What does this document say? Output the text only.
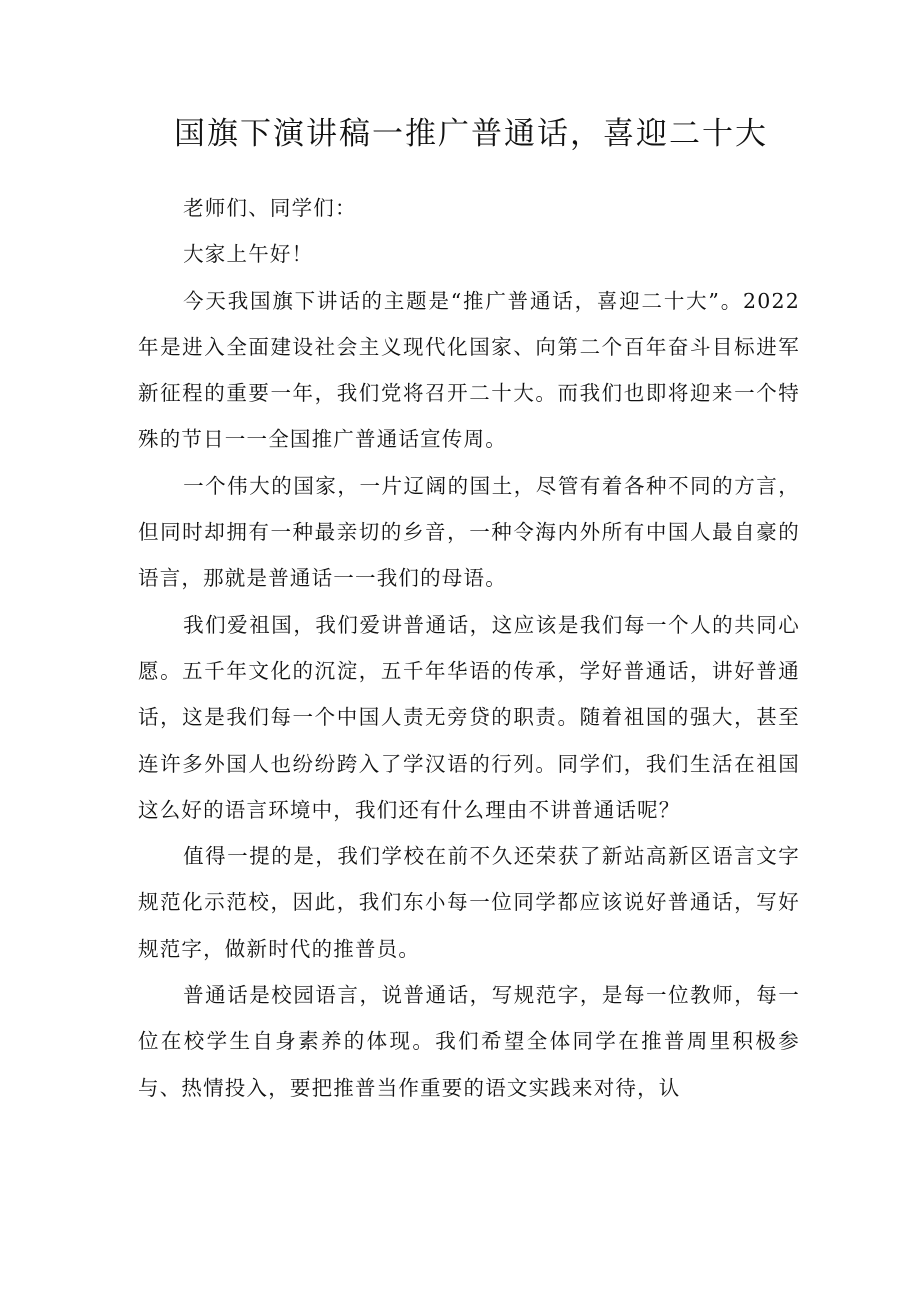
国旗下演讲稿一推广普通话，喜迎二十大

老师们、同学们：

大家上午好！

今天我国旗下讲话的主题是“推广普通话，喜迎二十大”。2022年是进入全面建设社会主义现代化国家、向第二个百年奋斗目标进军新征程的重要一年，我们党将召开二十大。而我们也即将迎来一个特殊的节日一一全国推广普通话宣传周。

一个伟大的国家，一片辽阔的国土，尽管有着各种不同的方言，但同时却拥有一种最亲切的乡音，一种令海内外所有中国人最自豪的语言，那就是普通话一一我们的母语。

我们爱祖国，我们爱讲普通话，这应该是我们每一个人的共同心愿。五千年文化的沉淀，五千年华语的传承，学好普通话，讲好普通话，这是我们每一个中国人责无旁贷的职责。随着祖国的强大，甚至连许多外国人也纷纷跨入了学汉语的行列。同学们，我们生活在祖国这么好的语言环境中，我们还有什么理由不讲普通话呢？

值得一提的是，我们学校在前不久还荣获了新站高新区语言文字规范化示范校，因此，我们东小每一位同学都应该说好普通话，写好规范字，做新时代的推普员。

普通话是校园语言，说普通话，写规范字，是每一位教师，每一位在校学生自身素养的体现。我们希望全体同学在推普周里积极参与、热情投入，要把推普当作重要的语文实践来对待，认
